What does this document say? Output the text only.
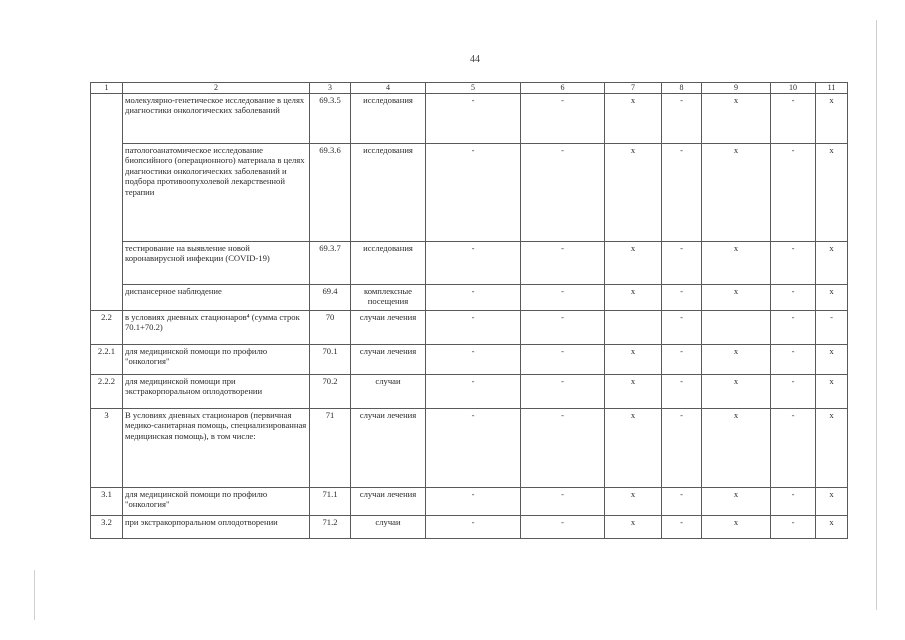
44
1	2	3	4	5	6	7	8	9	10	11
	молекулярно-генетическое исследование в целях диагностики онкологических заболеваний	69.3.5	исследования	-	-	x	-	x	-	x
	патологоанатомическое исследование биопсийного (операционного) материала в целях диагностики онкологических заболеваний и подбора противоопухолевой лекарственной терапии	69.3.6	исследования	-	-	x	-	x	-	x
	тестирование на выявление новой коронавирусной инфекции (COVID-19)	69.3.7	исследования	-	-	x	-	x	-	x
	диспансерное наблюдение	69.4	комплексные посещения	-	-	x	-	x	-	x
2.2	в условиях дневных стационаров⁴ (сумма строк 70.1+70.2)	70	случаи лечения	-	-		-		-	-
2.2.1	для медицинской помощи по профилю "онкология"	70.1	случаи лечения	-	-	x	-	x	-	x
2.2.2	для медицинской помощи при экстракорпоральном оплодотворении	70.2	случаи	-	-	x	-	x	-	x
3	В условиях дневных стационаров (первичная медико-санитарная помощь, специализированная медицинская помощь), в том числе:	71	случаи лечения	-	-	x	-	x	-	x
3.1	для медицинской помощи по профилю "онкология"	71.1	случаи лечения	-	-	x	-	x	-	x
3.2	при экстракорпоральном оплодотворении	71.2	случаи	-	-	x	-	x	-	x
